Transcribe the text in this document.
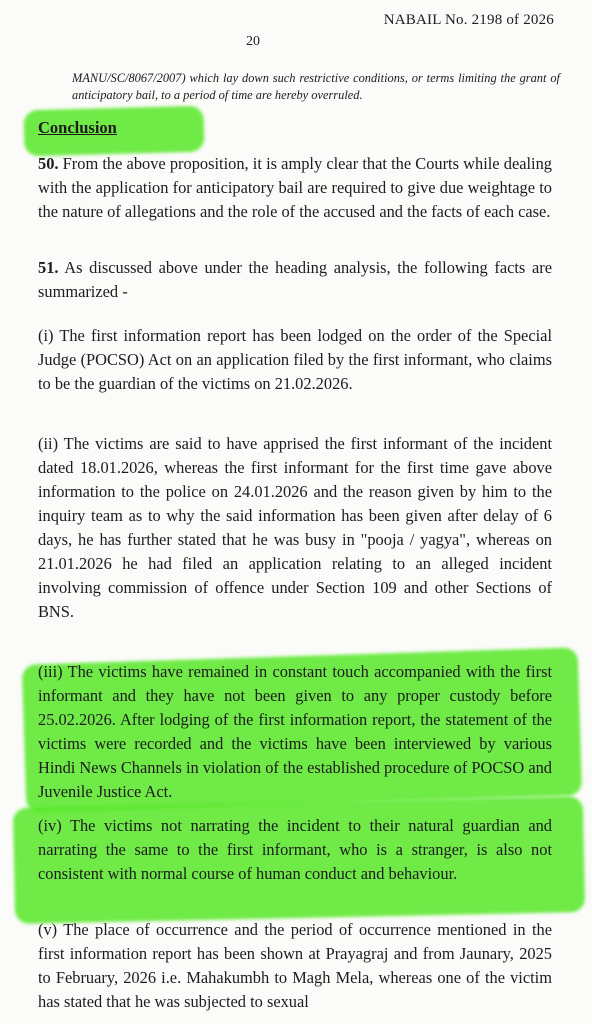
NABAIL No. 2198 of 2026
20
MANU/SC/8067/2007) which lay down such restrictive conditions, or terms limiting the grant of anticipatory bail, to a period of time are hereby overruled.
Conclusion
50. From the above proposition, it is amply clear that the Courts while dealing with the application for anticipatory bail are required to give due weightage to the nature of allegations and the role of the accused and the facts of each case.
51. As discussed above under the heading analysis, the following facts are summarized -
(i) The first information report has been lodged on the order of the Special Judge (POCSO) Act on an application filed by the first informant, who claims to be the guardian of the victims on 21.02.2026.
(ii) The victims are said to have apprised the first informant of the incident dated 18.01.2026, whereas the first informant for the first time gave above information to the police on 24.01.2026 and the reason given by him to the inquiry team as to why the said information has been given after delay of 6 days, he has further stated that he was busy in "pooja / yagya", whereas on 21.01.2026 he had filed an application relating to an alleged incident involving commission of offence under Section 109 and other Sections of BNS.
(iii) The victims have remained in constant touch accompanied with the first informant and they have not been given to any proper custody before 25.02.2026. After lodging of the first information report, the statement of the victims were recorded and the victims have been interviewed by various Hindi News Channels in violation of the established procedure of POCSO and Juvenile Justice Act.
(iv) The victims not narrating the incident to their natural guardian and narrating the same to the first informant, who is a stranger, is also not consistent with normal course of human conduct and behaviour.
(v) The place of occurrence and the period of occurrence mentioned in the first information report has been shown at Prayagraj and from Jaunary, 2025 to February, 2026 i.e. Mahakumbh to Magh Mela, whereas one of the victim has stated that he was subjected to sexual
